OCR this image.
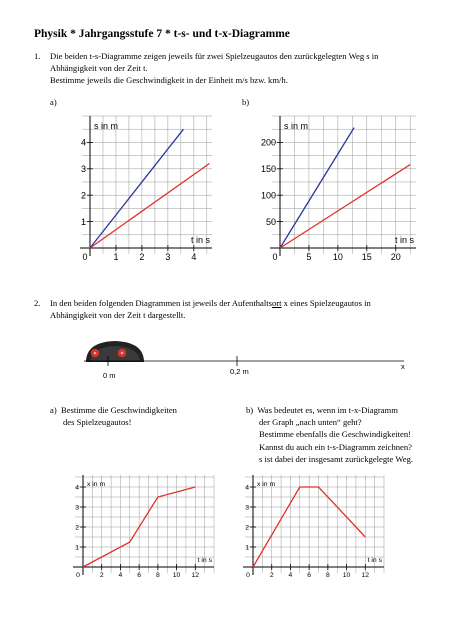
Physik * Jahrgangsstufe 7 * t-s- und t-x-Diagramme
1. Die beiden t-s-Diagramme zeigen jeweils für zwei Spielzeugautos den zurückgelegten Weg s in
Abhängigkeit von der Zeit t.
Bestimme jeweils die Geschwindigkeit in der Einheit m/s bzw. km/h.
a)	b)
0	1 2 3 4
1
2
3
4
s in m
t in s
0	5 10 15 20
50
100
150
200
s in m
t in s
2. In den beiden folgenden Diagrammen ist jeweils der Aufenthaltsort x eines Spielzeugautos in
Abhängigkeit von der Zeit t dargestellt.
0 m	0,2 m
x
a) Bestimme die Geschwindigkeiten
des Spielzeugautos!
b) Was bedeutet es, wenn im t-x-Diagramm
der Graph „nach unten“ geht?
Bestimme ebenfalls die Geschwindigkeiten!
Kannst du auch ein t-s-Diagramm zeichnen?
s ist dabei der insgesamt zurückgelegte Weg.
0	2 4 6 8 10 12
1
2
3
4
x in m
t in s
0	2 4 6 8 10 12
1
2
3
4
x in m
t in s
